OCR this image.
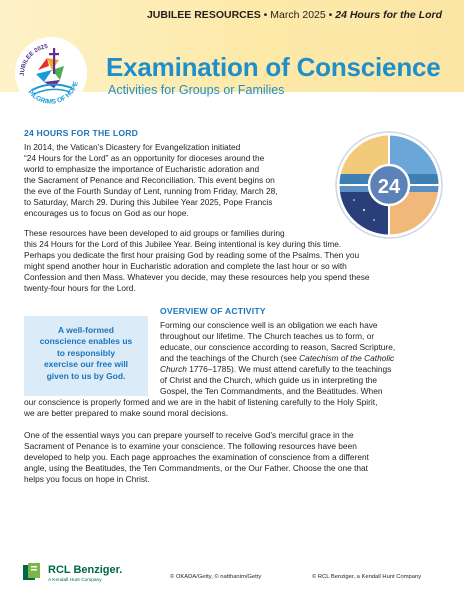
JUBILEE RESOURCES • March 2025 • 24 Hours for the Lord
JUBILEE 2025
PILGRIMS OF HOPE
Examination of Conscience
Activities for Groups or Families
24 HOURS FOR THE LORD
In 2014, the Vatican’s Dicastery for Evangelization initiated
“24 Hours for the Lord” as an opportunity for dioceses around the
world to emphasize the importance of Eucharistic adoration and
the Sacrament of Penance and Reconciliation. This event begins on
the eve of the Fourth Sunday of Lent, running from Friday, March 28,
to Saturday, March 29. During this Jubilee Year 2025, Pope Francis
encourages us to focus on God as our hope.
24
These resources have been developed to aid groups or families during
this 24 Hours for the Lord of this Jubilee Year. Being intentional is key during this time.
Perhaps you dedicate the first hour praising God by reading some of the Psalms. Then you
might spend another hour in Eucharistic adoration and complete the last hour or so with
Confession and then Mass. Whatever you decide, may these resources help you spend these
twenty-four hours for the Lord.
A well-formed
conscience enables us
to responsibly
exercise our free will
given to us by God.
OVERVIEW OF ACTIVITY
Forming our conscience well is an obligation we each have
throughout our lifetime. The Church teaches us to form, or
educate, our conscience according to reason, Sacred Scripture,
and the teachings of the Church (see Catechism of the Catholic
Church 1776–1785). We must attend carefully to the teachings
of Christ and the Church, which guide us in interpreting the
Gospel, the Ten Commandments, and the Beatitudes. When
our conscience is properly formed and we are in the habit of listening carefully to the Holy Spirit,
we are better prepared to make sound moral decisions.
One of the essential ways you can prepare yourself to receive God’s merciful grace in the
Sacrament of Penance is to examine your conscience. The following resources have been
developed to help you. Each page approaches the examination of conscience from a different
angle, using the Beatitudes, the Ten Commandments, or the Our Father. Choose the one that
helps you focus on hope in Christ.
RCL Benziger.
A Kendall Hunt Company
© OKADA/Getty, © natthanim/Getty	© RCL Benziger, a Kendall Hunt Company
